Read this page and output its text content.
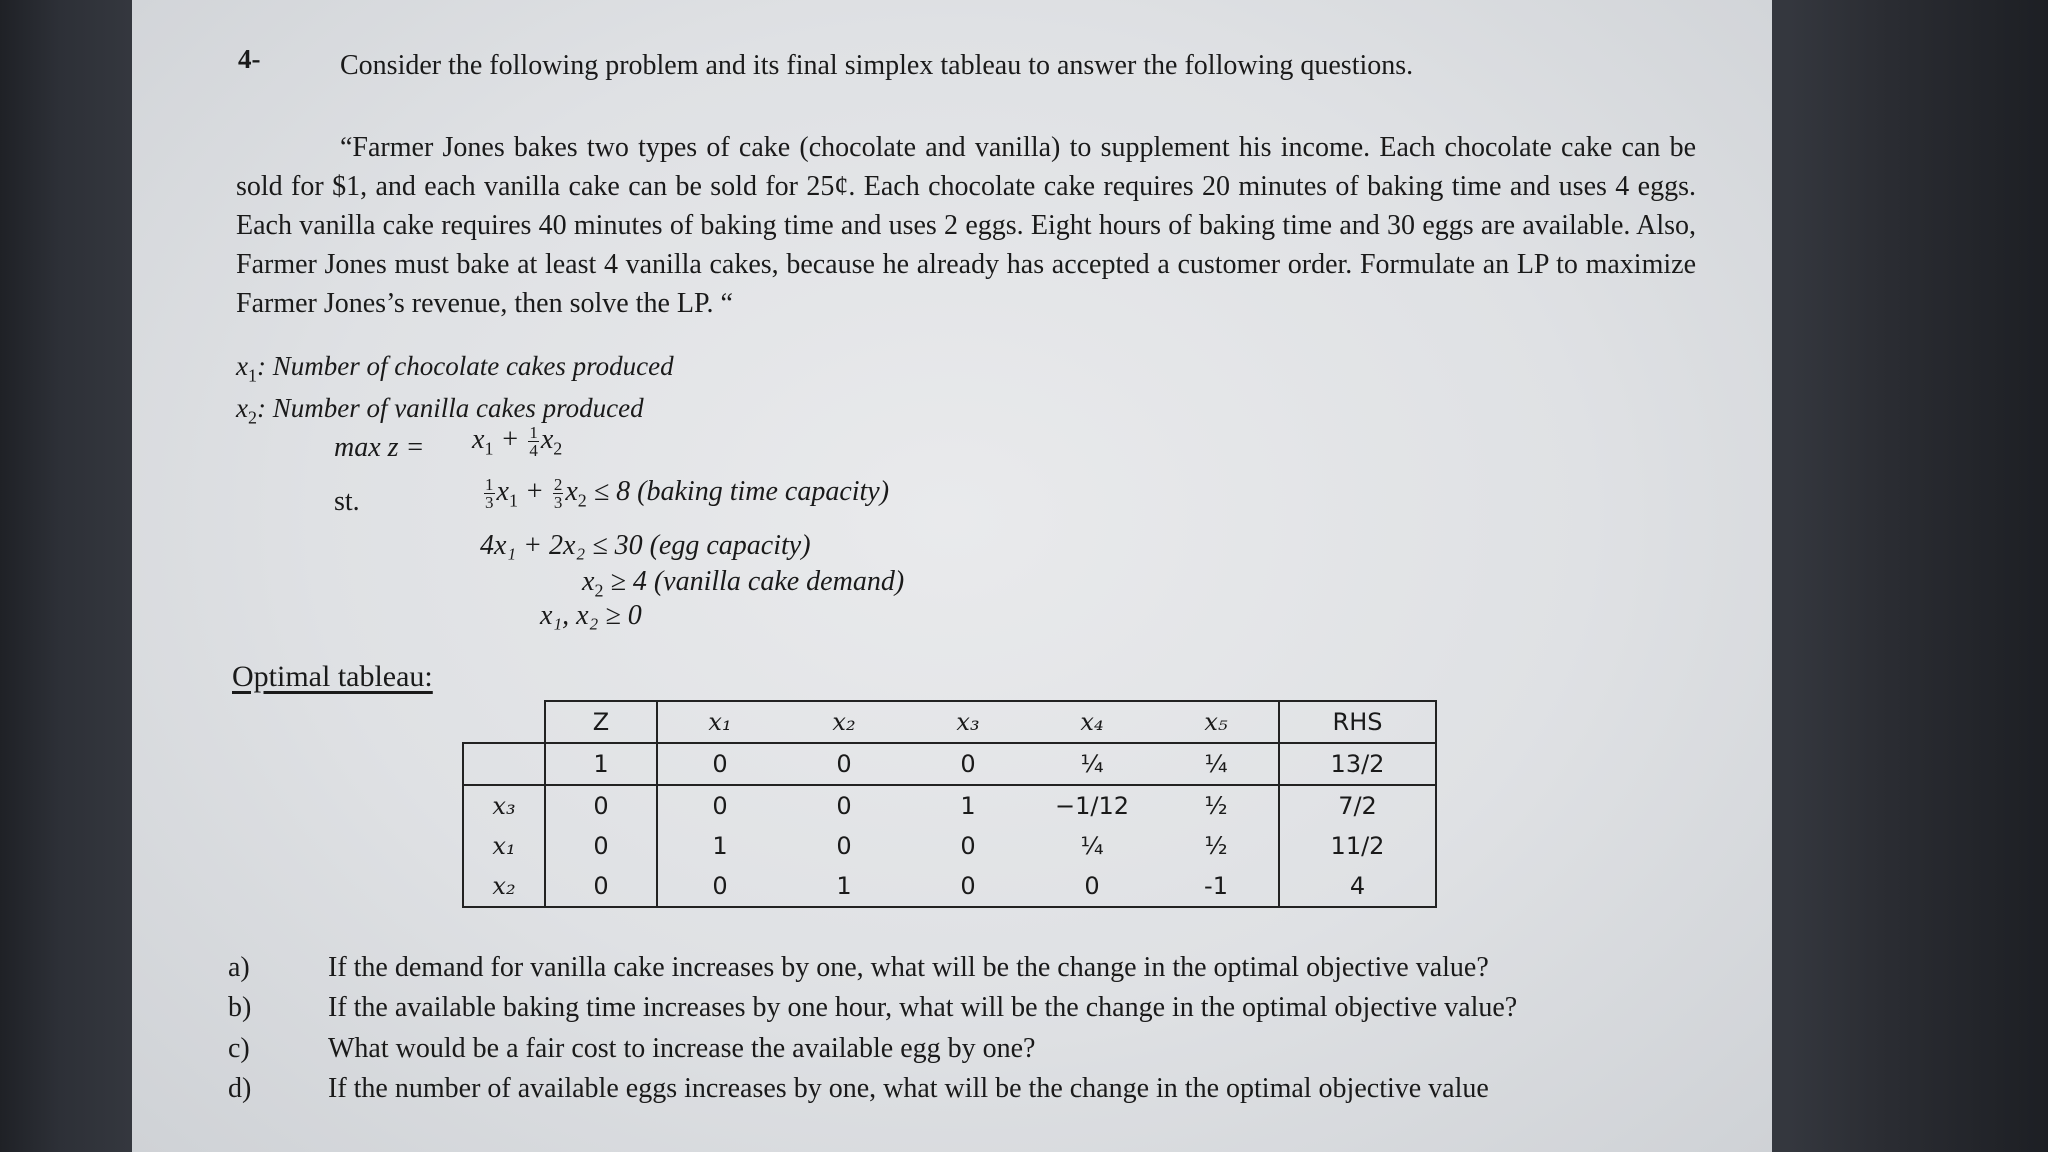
4-	Consider the following problem and its final simplex tableau to answer the following questions.
“Farmer Jones bakes two types of cake (chocolate and vanilla) to supplement his income. Each chocolate cake can be sold for $1, and each vanilla cake can be sold for 25¢. Each chocolate cake requires 20 minutes of baking time and uses 4 eggs. Each vanilla cake requires 40 minutes of baking time and uses 2 eggs. Eight hours of baking time and 30 eggs are available. Also, Farmer Jones must bake at least 4 vanilla cakes, because he already has accepted a customer order. Formulate an LP to maximize Farmer Jones’s revenue, then solve the LP. “
$x_1$: Number of chocolate cakes produced
$x_2$: Number of vanilla cakes produced
$\max z = x_1 + \frac{1}{4} x_2$
st.	$\frac{1}{3} x_1 + \frac{2}{3} x_2 \le 8$ (baking time capacity)
4x₁ + 2x₂ ≤ 30 (egg capacity)
$x_2 \ge 4$ (vanilla cake demand)
x₁, x₂ ≥ 0
Optimal tableau:
	Z	x₁	x₂	x₃	x₄	x₅	RHS
	1	0	0	0	¼	¼	13/2
x₃	0	0	0	1	−1/12	½	7/2
x₁	0	1	0	0	¼	½	11/2
x₂	0	0	1	0	0	-1	4
a)	If the demand for vanilla cake increases by one, what will be the change in the optimal objective value?
b)	If the available baking time increases by one hour, what will be the change in the optimal objective value?
c)	What would be a fair cost to increase the available egg by one?
d)	If the number of available eggs increases by one, what will be the change in the optimal objective value
